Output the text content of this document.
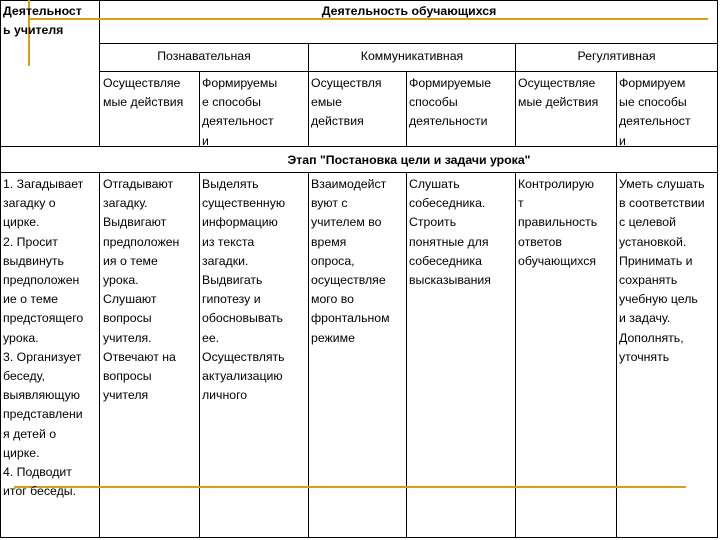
Деятельност
ь учителя
Деятельность обучающихся
Познавательная	Коммуникативная	Регулятивная
Осуществляе
мые действия
Формируемы
е способы
деятельност
и
Осуществля
емые
действия
Формируемые
способы
деятельности
Осуществляе
мые действия
Формируем
ые способы
деятельност
и
Этап "Постановка цели и задачи урока"
1. Загадывает
загадку о
цирке.
2. Просит
выдвинуть
предположен
ие о теме
предстоящего
урока.
3. Организует
беседу,
выявляющую
представлени
я детей о
цирке.
4. Подводит
итог беседы.
Отгадывают
загадку.
Выдвигают
предположен
ия о теме
урока.
Слушают
вопросы
учителя.
Отвечают на
вопросы
учителя
Выделять
существенную
информацию
из текста
загадки.
Выдвигать
гипотезу и
обосновывать
ее.
Осуществлять
актуализацию
личного
Взаимодейст
вуют с
учителем во
время
опроса,
осуществляе
мого во
фронтальном
режиме
Слушать
собеседника.
Строить
понятные для
собеседника
высказывания
Контролирую
т
правильность
ответов
обучающихся
Уметь слушать
в соответствии
с целевой
установкой.
Принимать и
сохранять
учебную цель
и задачу.
Дополнять,
уточнять
